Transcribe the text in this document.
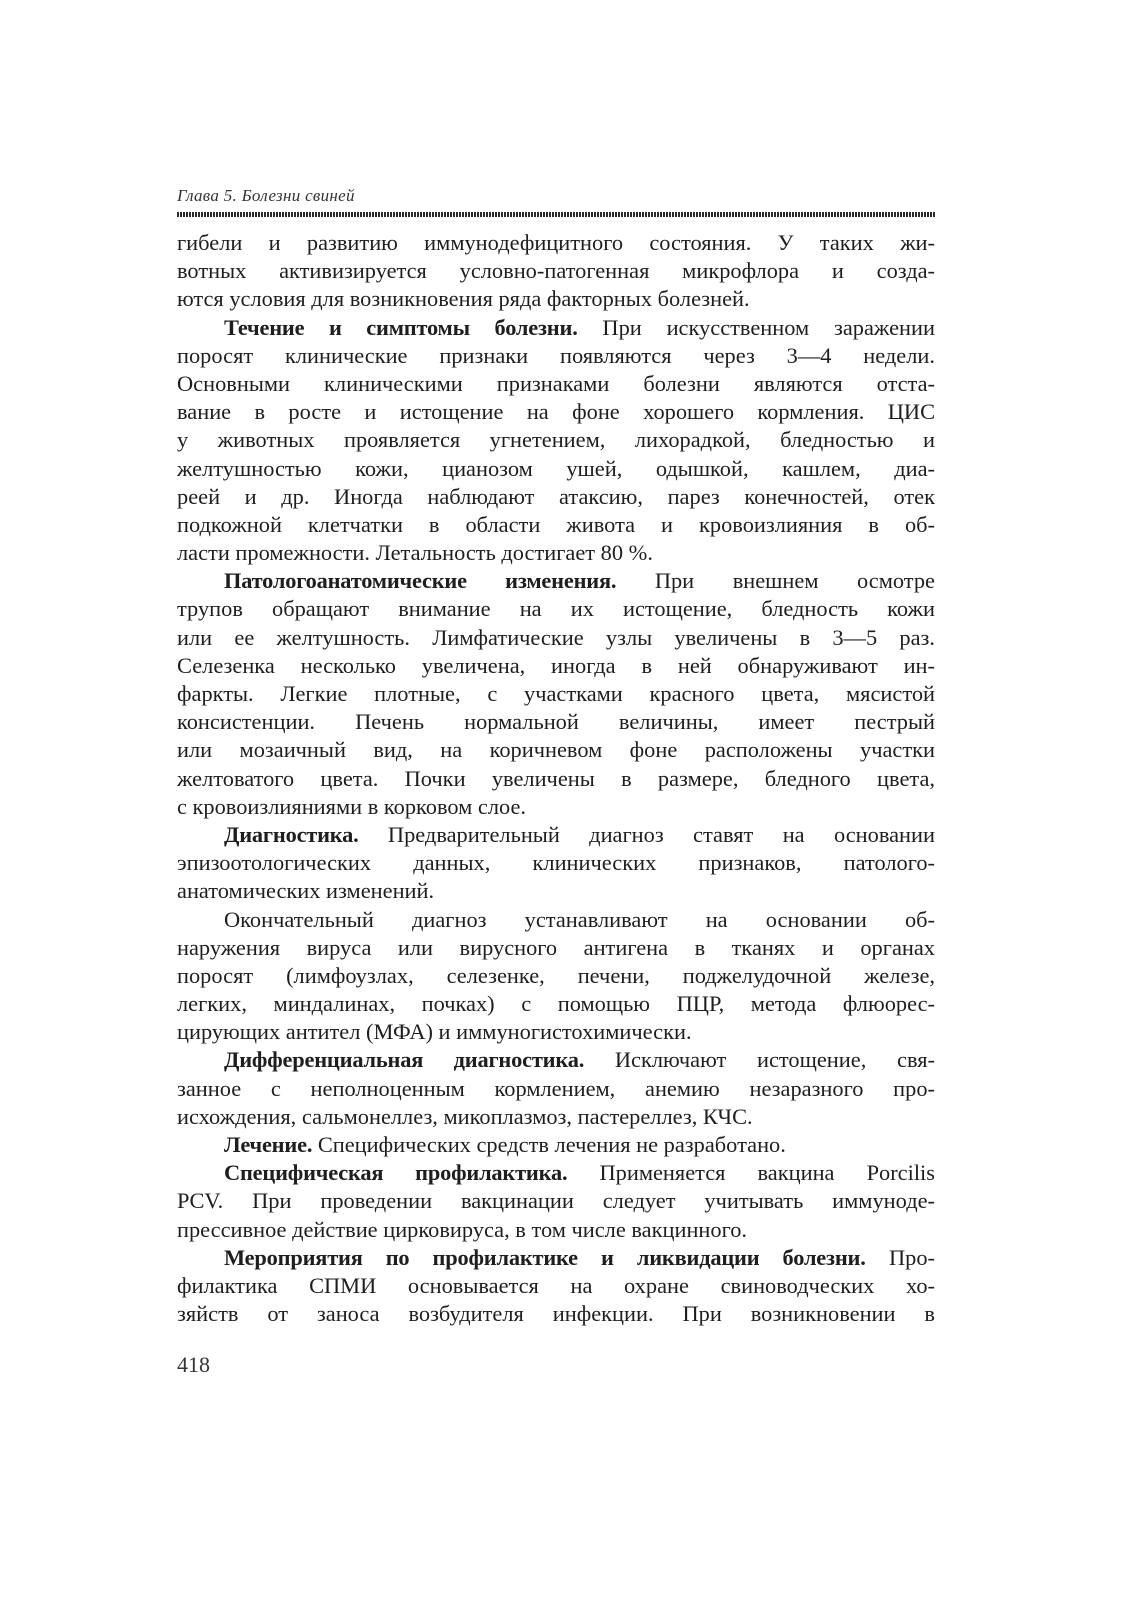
Глава 5. Болезни свиней
гибели и развитию иммунодефицитного состояния. У таких жи-
вотных активизируется условно-патогенная микрофлора и созда-
ются условия для возникновения ряда факторных болезней.
Течение и симптомы болезни. При искусственном заражении
поросят клинические признаки появляются через 3—4 недели.
Основными клиническими признаками болезни являются отста-
вание в росте и истощение на фоне хорошего кормления. ЦИС
у животных проявляется угнетением, лихорадкой, бледностью и
желтушностью кожи, цианозом ушей, одышкой, кашлем, диа-
реей и др. Иногда наблюдают атаксию, парез конечностей, отек
подкожной клетчатки в области живота и кровоизлияния в об-
ласти промежности. Летальность достигает 80 %.
Патологоанатомические изменения. При внешнем осмотре
трупов обращают внимание на их истощение, бледность кожи
или ее желтушность. Лимфатические узлы увеличены в 3—5 раз.
Селезенка несколько увеличена, иногда в ней обнаруживают ин-
фаркты. Легкие плотные, с участками красного цвета, мясистой
консистенции. Печень нормальной величины, имеет пестрый
или мозаичный вид, на коричневом фоне расположены участки
желтоватого цвета. Почки увеличены в размере, бледного цвета,
с кровоизлияниями в корковом слое.
Диагностика. Предварительный диагноз ставят на основании
эпизоотологических данных, клинических признаков, патолого-
анатомических изменений.
Окончательный диагноз устанавливают на основании об-
наружения вируса или вирусного антигена в тканях и органах
поросят (лимфоузлах, селезенке, печени, поджелудочной железе,
легких, миндалинах, почках) с помощью ПЦР, метода флюорес-
цирующих антител (МФА) и иммуногистохимически.
Дифференциальная диагностика. Исключают истощение, свя-
занное с неполноценным кормлением, анемию незаразного про-
исхождения, сальмонеллез, микоплазмоз, пастереллез, КЧС.
Лечение. Специфических средств лечения не разработано.
Специфическая профилактика. Применяется вакцина Porcilis
PCV. При проведении вакцинации следует учитывать иммуноде-
прессивное действие цирковируса, в том числе вакцинного.
Мероприятия по профилактике и ликвидации болезни. Про-
филактика СПМИ основывается на охране свиноводческих хо-
зяйств от заноса возбудителя инфекции. При возникновении в
418
